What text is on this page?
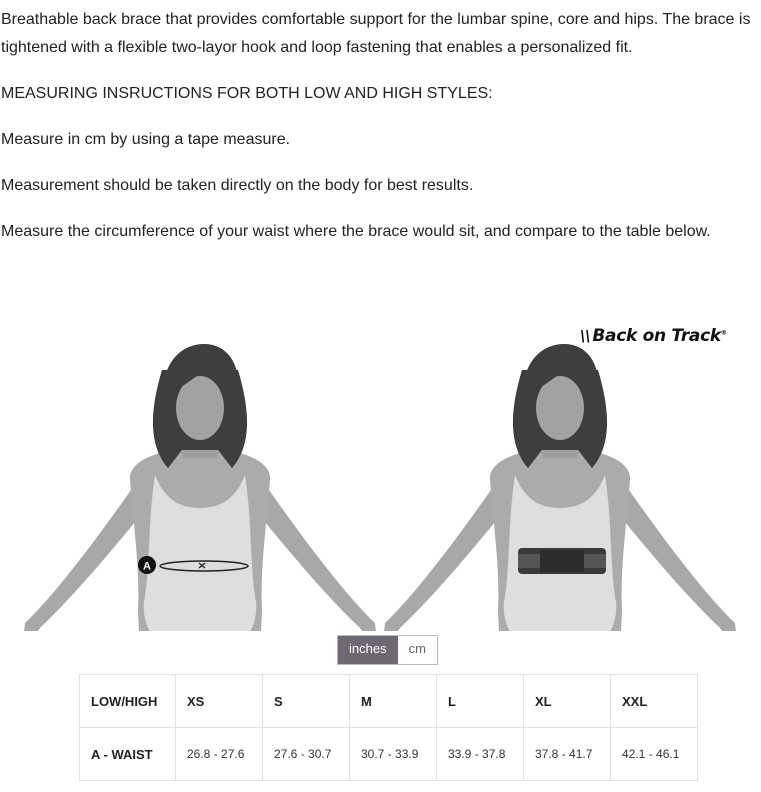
Breathable back brace that provides comfortable support for the lumbar spine, core and hips. The brace is tightened with a flexible two-layor hook and loop fastening that enables a personalized fit.

MEASURING INSRUCTIONS FOR BOTH LOW AND HIGH STYLES:

Measure in cm by using a tape measure.

Measurement should be taken directly on the body for best results.

Measure the circumference of your waist where the brace would sit, and compare to the table below.

A
\\ Back on Track®
inches	cm
LOW/HIGH	XS	S	M	L	XL	XXL
A - WAIST	26.8 - 27.6	27.6 - 30.7	30.7 - 33.9	33.9 - 37.8	37.8 - 41.7	42.1 - 46.1
